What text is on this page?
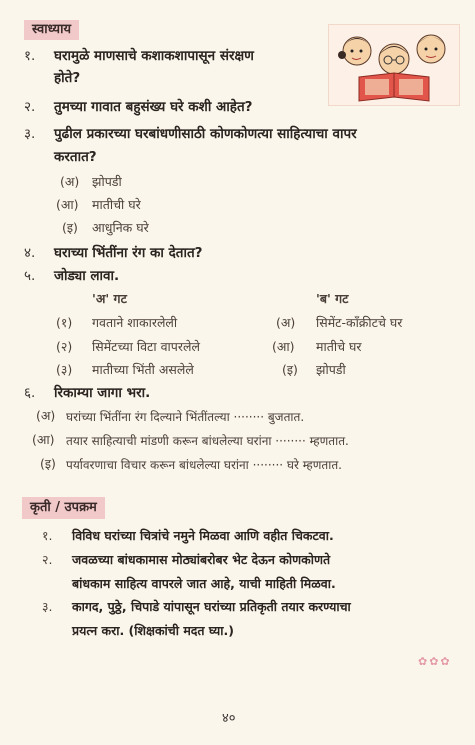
स्वाध्याय
१. घरामुळे माणसाचे कशाकशापासून संरक्षण
होते?
२. तुमच्या गावात बहुसंख्य घरे कशी आहेत?
३. पुढील प्रकारच्या घरबांधणीसाठी कोणकोणत्या साहित्याचा वापर
करतात?
(अ) झोपडी
(आ) मातीची घरे
(इ) आधुनिक घरे
४. घराच्या भिंतींना रंग का देतात?
५. जोड्या लावा.
'अ' गट	'ब' गट
(१) गवताने शाकारलेली	(अ) सिमेंट-कॉंक्रीटचे घर
(२) सिमेंटच्या विटा वापरलेले	(आ) मातीचे घर
(३) मातीच्या भिंती असलेले	(इ) झोपडी
६. रिकाम्या जागा भरा.
(अ) घरांच्या भिंतींना रंग दिल्याने भिंतींतल्या ········ बुजतात.
(आ) तयार साहित्याची मांडणी करून बांधलेल्या घरांना ········ म्हणतात.
(इ) पर्यावरणाचा विचार करून बांधलेल्या घरांना ········ घरे म्हणतात.
कृती / उपक्रम
१. विविध घरांच्या चित्रांचे नमुने मिळवा आणि वहीत चिकटवा.
२. जवळच्या बांधकामास मोठ्यांबरोबर भेट देऊन कोणकोणते
बांधकाम साहित्य वापरले जात आहे, याची माहिती मिळवा.
३. कागद, पुठ्ठे, चिपाडे यांपासून घरांच्या प्रतिकृती तयार करण्याचा
प्रयत्न करा. (शिक्षकांची मदत घ्या.)
✿✿✿
४०
